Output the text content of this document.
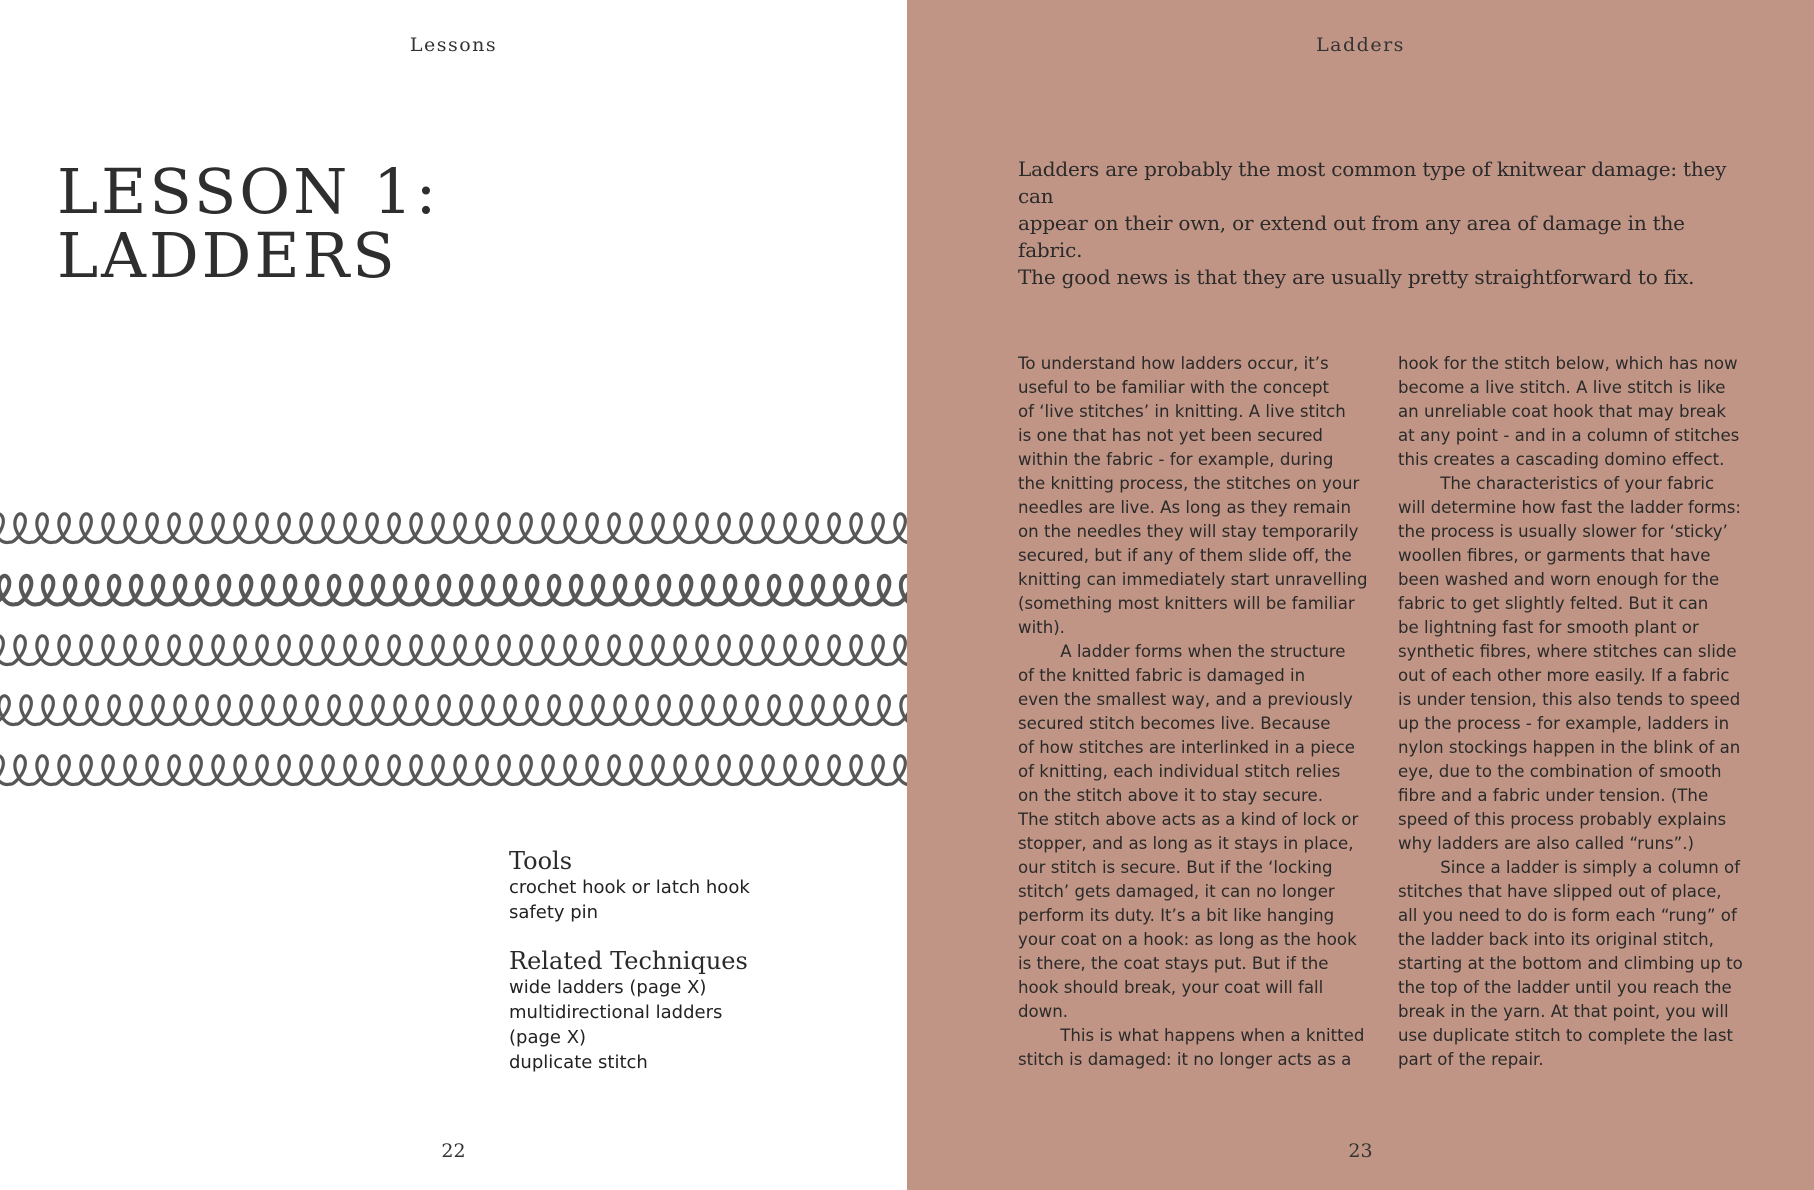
Lessons
LESSON 1:
LADDERS
Tools
crochet hook or latch hook
safety pin
Related Techniques
wide ladders (page X)
multidirectional ladders
(page X)
duplicate stitch
22
Ladders

Ladders are probably the most common type of knitwear damage: they can
appear on their own, or extend out from any area of damage in the fabric.
The good news is that they are usually pretty straightforward to fix.

To understand how ladders occur, it’s
useful to be familiar with the concept
of ‘live stitches’ in knitting. A live stitch
is one that has not yet been secured
within the fabric - for example, during
the knitting process, the stitches on your
needles are live. As long as they remain
on the needles they will stay temporarily
secured, but if any of them slide off, the
knitting can immediately start unravelling
(something most knitters will be familiar
with).
A ladder forms when the structure
of the knitted fabric is damaged in
even the smallest way, and a previously
secured stitch becomes live. Because
of how stitches are interlinked in a piece
of knitting, each individual stitch relies
on the stitch above it to stay secure.
The stitch above acts as a kind of lock or
stopper, and as long as it stays in place,
our stitch is secure. But if the ‘locking
stitch’ gets damaged, it can no longer
perform its duty. It’s a bit like hanging
your coat on a hook: as long as the hook
is there, the coat stays put. But if the
hook should break, your coat will fall
down.
This is what happens when a knitted
stitch is damaged: it no longer acts as a
hook for the stitch below, which has now
become a live stitch. A live stitch is like
an unreliable coat hook that may break
at any point - and in a column of stitches
this creates a cascading domino effect.
The characteristics of your fabric
will determine how fast the ladder forms:
the process is usually slower for ‘sticky’
woollen fibres, or garments that have
been washed and worn enough for the
fabric to get slightly felted. But it can
be lightning fast for smooth plant or
synthetic fibres, where stitches can slide
out of each other more easily. If a fabric
is under tension, this also tends to speed
up the process - for example, ladders in
nylon stockings happen in the blink of an
eye, due to the combination of smooth
fibre and a fabric under tension. (The
speed of this process probably explains
why ladders are also called “runs”.)
Since a ladder is simply a column of
stitches that have slipped out of place,
all you need to do is form each “rung” of
the ladder back into its original stitch,
starting at the bottom and climbing up to
the top of the ladder until you reach the
break in the yarn. At that point, you will
use duplicate stitch to complete the last
part of the repair.
23
